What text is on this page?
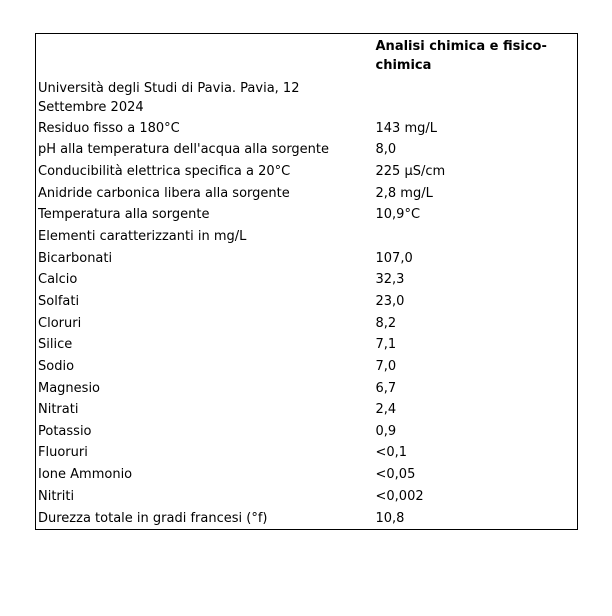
	Analisi chimica e fisico-chimica
Università degli Studi di Pavia. Pavia, 12 Settembre 2024	
Residuo fisso a 180°C	143 mg/L
pH alla temperatura dell'acqua alla sorgente	8,0
Conducibilità elettrica specifica a 20°C	225 µS/cm
Anidride carbonica libera alla sorgente	2,8 mg/L
Temperatura alla sorgente	10,9°C
Elementi caratterizzanti in mg/L	
Bicarbonati	107,0
Calcio	32,3
Solfati	23,0
Cloruri	8,2
Silice	7,1
Sodio	7,0
Magnesio	6,7
Nitrati	2,4
Potassio	0,9
Fluoruri	<0,1
Ione Ammonio	<0,05
Nitriti	<0,002
Durezza totale in gradi francesi (°f)	10,8
